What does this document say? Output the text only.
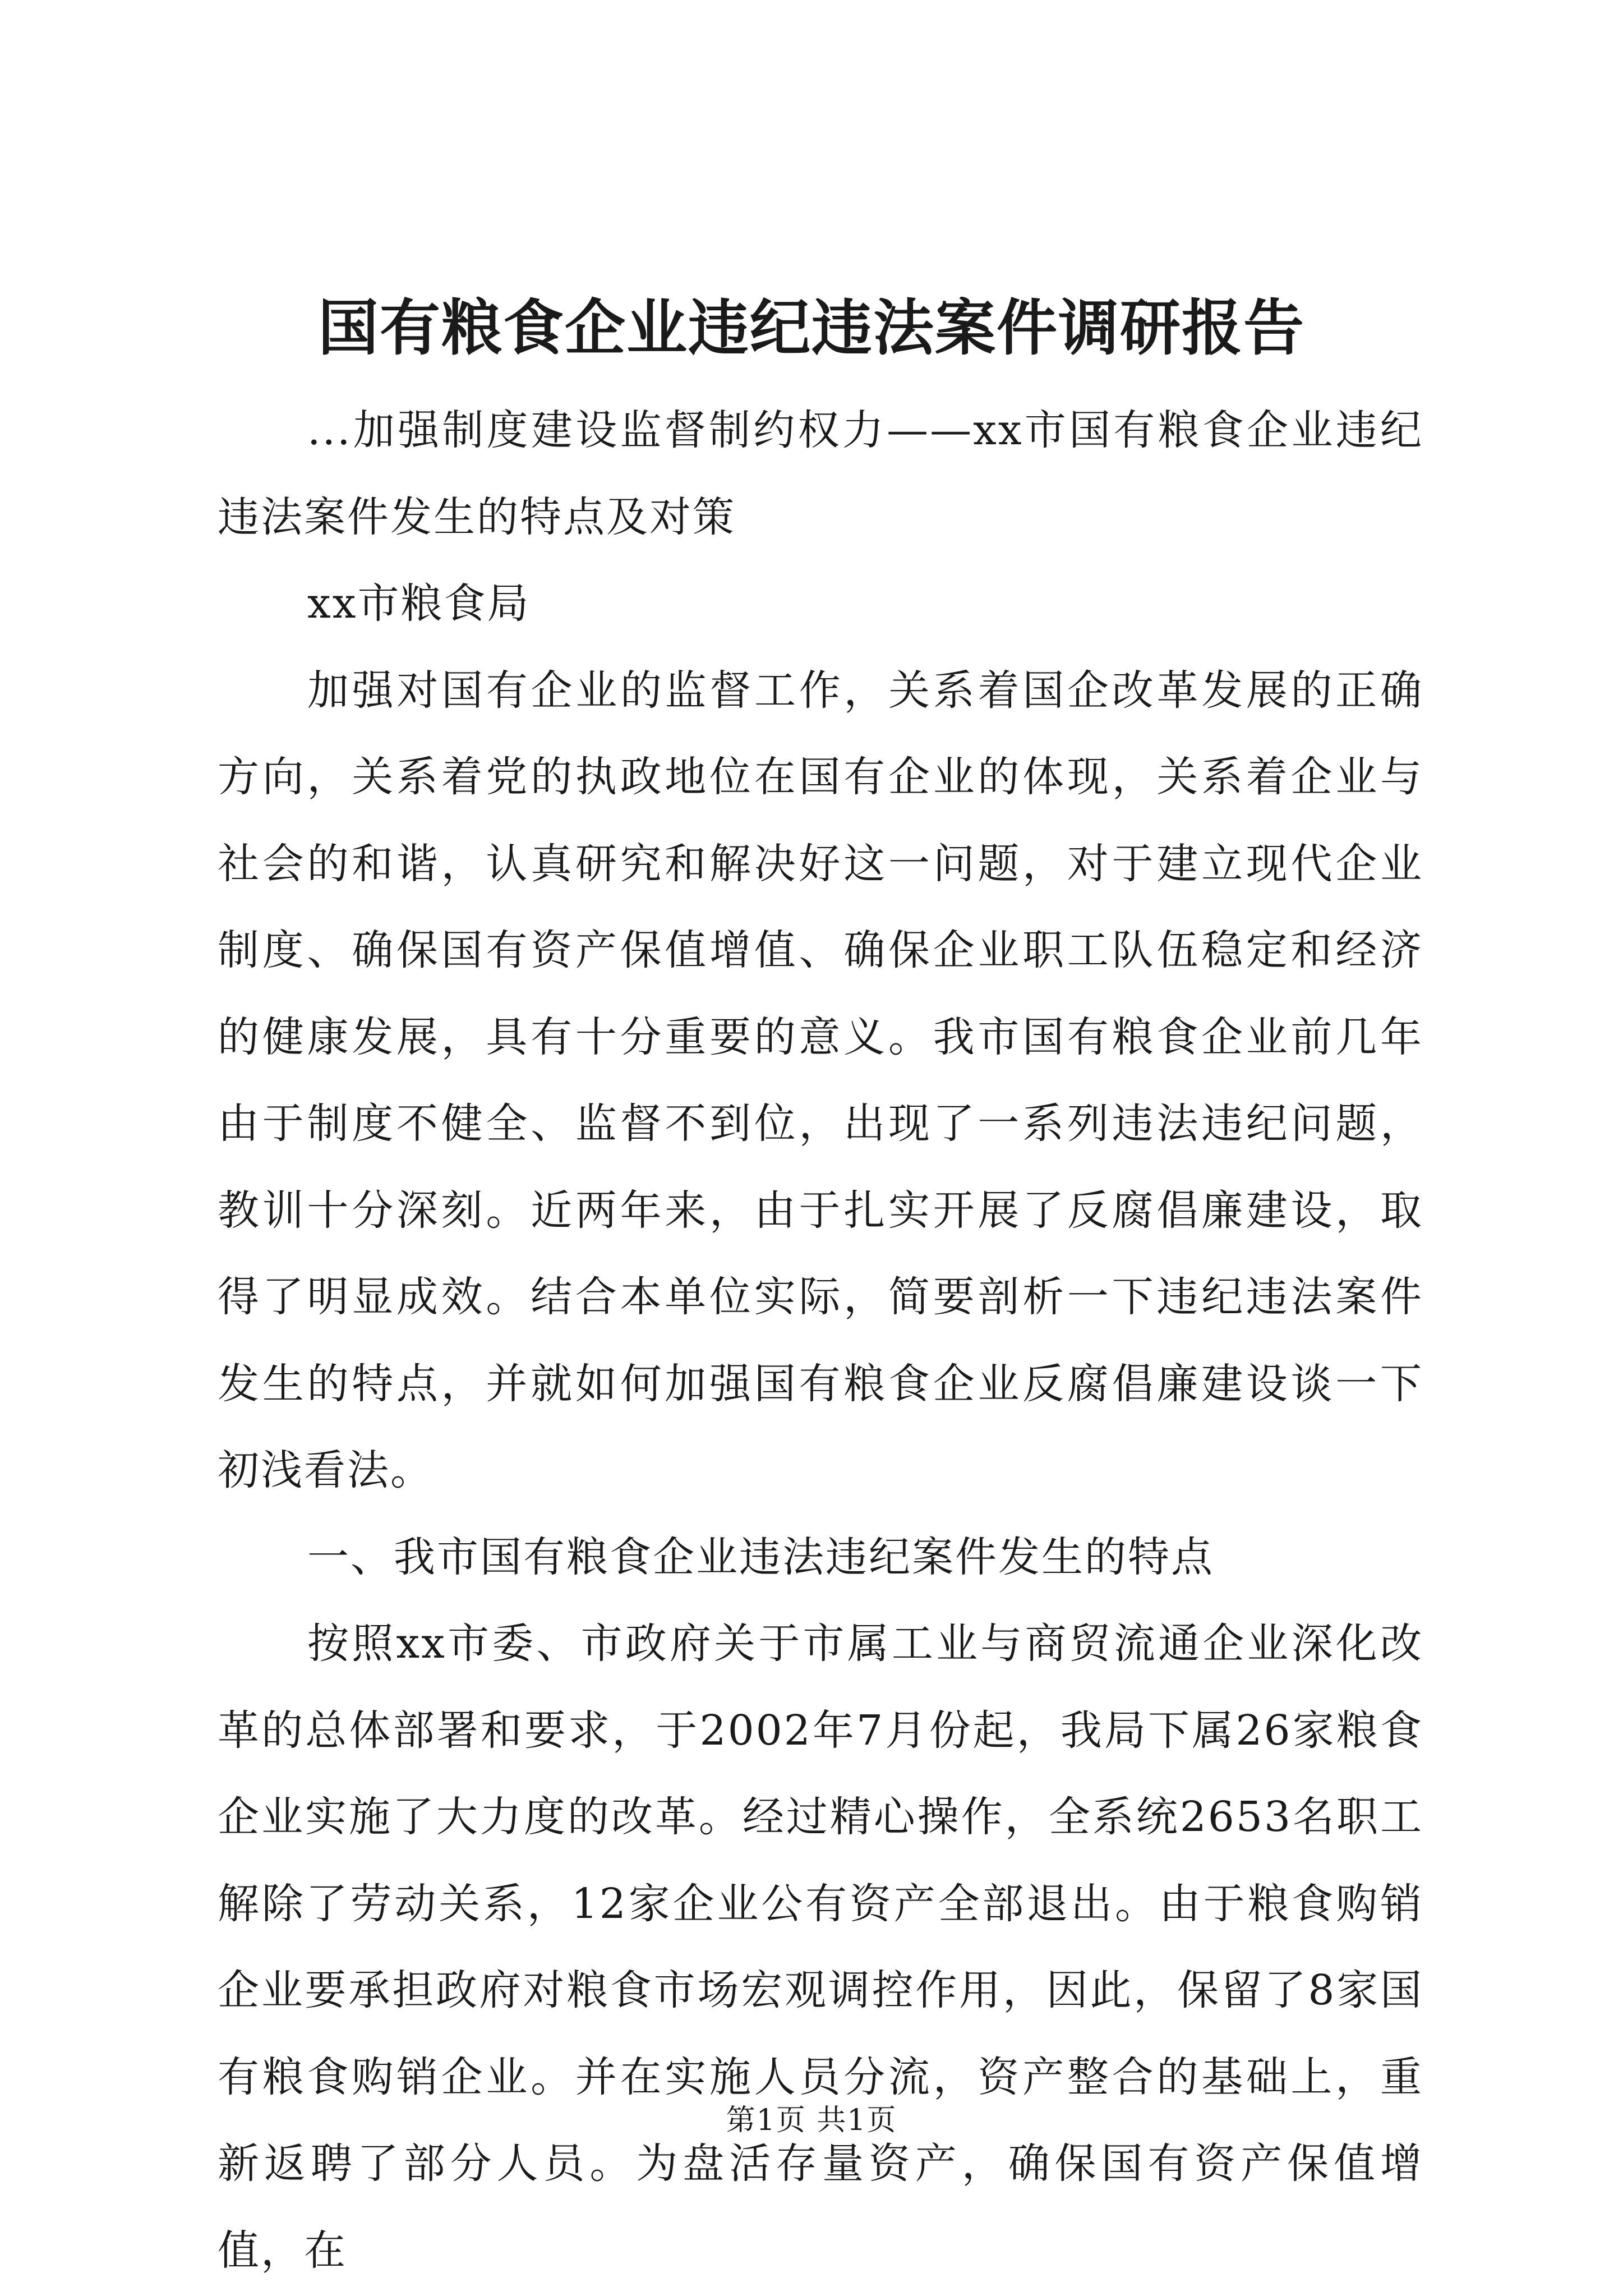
国有粮食企业违纪违法案件调研报告

...加强制度建设监督制约权力——xx市国有粮食企业违纪违法案件发生的特点及对策

xx市粮食局

加强对国有企业的监督工作，关系着国企改革发展的正确方向，关系着党的执政地位在国有企业的体现，关系着企业与社会的和谐，认真研究和解决好这一问题，对于建立现代企业制度、确保国有资产保值增值、确保企业职工队伍稳定和经济的健康发展，具有十分重要的意义。我市国有粮食企业前几年由于制度不健全、监督不到位，出现了一系列违法违纪问题，教训十分深刻。近两年来，由于扎实开展了反腐倡廉建设，取得了明显成效。结合本单位实际，简要剖析一下违纪违法案件发生的特点，并就如何加强国有粮食企业反腐倡廉建设谈一下初浅看法。

一、我市国有粮食企业违法违纪案件发生的特点

按照xx市委、市政府关于市属工业与商贸流通企业深化改革的总体部署和要求，于2002年7月份起，我局下属26家粮食企业实施了大力度的改革。经过精心操作，全系统2653名职工解除了劳动关系，12家企业公有资产全部退出。由于粮食购销企业要承担政府对粮食市场宏观调控作用，因此，保留了8家国有粮食购销企业。并在实施人员分流，资产整合的基础上，重新返聘了部分人员。为盘活存量资产，确保国有资产保值增值，在

第1页 共1页
